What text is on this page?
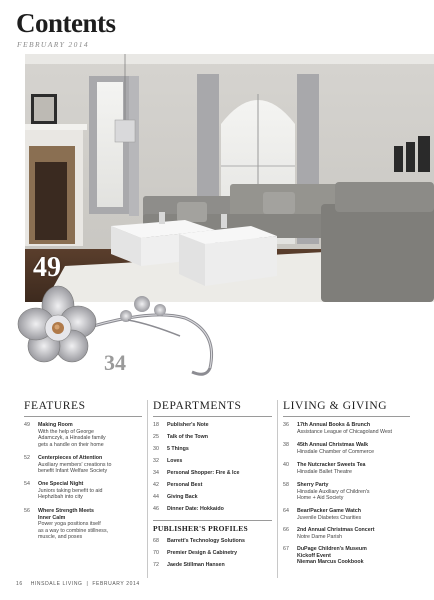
Contents
FEBRUARY 2014
49
34
FEATURES	DEPARTMENTS	LIVING & GIVING
49	Making Room
With the help of George
Adamczyk, a Hinsdale family
gets a handle on their home
52	Centerpieces of Attention
Auxiliary members' creations to
benefit Infant Welfare Society
54	One Special Night
Juniors taking benefit to aid
Hephzibah into city
56	Where Strength Meets
Inner Calm
Power yoga positions itself
as a way to combine stillness,
muscle, and poses
18	Publisher's Note
25	Talk of the Town
30	5 Things
32	Loves
34	Personal Shopper: Fire & Ice
42	Personal Best
44	Giving Back
46	Dinner Date: Hokkaido
PUBLISHER'S PROFILES
68	Barrett's Technology Solutions
70	Premier Design & Cabinetry
72	Jaede Stillman Hansen
36	17th Annual Books & Brunch
Assistance League of Chicagoland West
38	45th Annual Christmas Walk
Hinsdale Chamber of Commerce
40	The Nutcracker Sweets Tea
Hinsdale Ballet Theatre
58	Sherry Party
Hinsdale Auxiliary of Children's
Home + Aid Society
64	Bear/Packer Game Watch
Juvenile Diabetes Charities
66	2nd Annual Christmas Concert
Notre Dame Parish
67	DuPage Children's Museum
Kickoff Event
Nieman Marcus Cookbook
16 HINSDALE LIVING  |  FEBRUARY 2014
